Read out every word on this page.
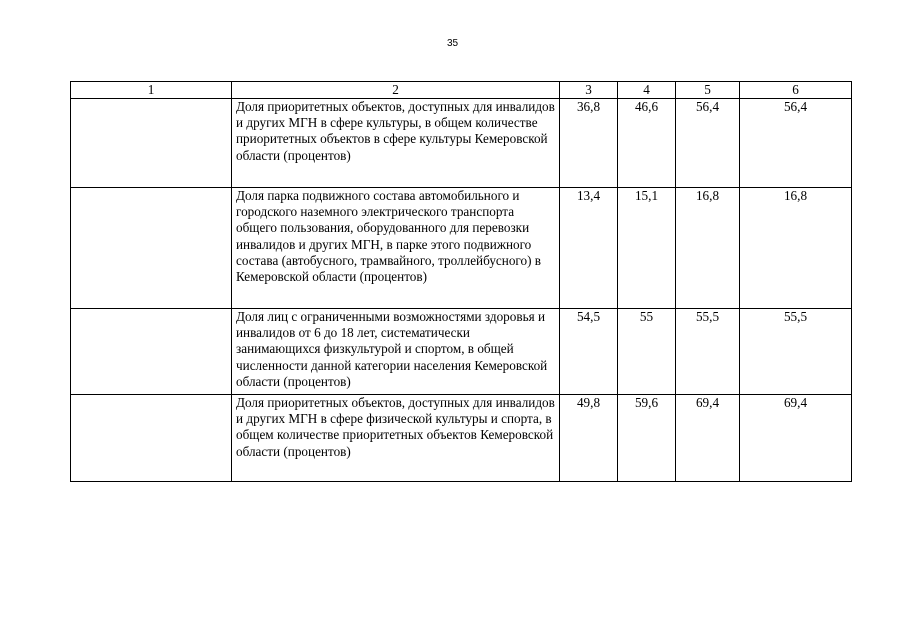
35
1	2	3	4	5	6
	Доля приоритетных объектов, доступных для инвалидов и других МГН в сфере культуры, в общем количестве приоритетных объектов в сфере культуры Кемеровской области (процентов)	36,8	46,6	56,4	56,4
	Доля парка подвижного состава автомобильного и городского наземного электрического транспорта общего пользования, оборудованного для перевозки инвалидов и других МГН, в парке этого подвижного состава (автобусного, трамвайного, троллейбусного) в Кемеровской области (процентов)	13,4	15,1	16,8	16,8
	Доля лиц с ограниченными возможностями здоровья и инвалидов от 6 до 18 лет, систематически занимающихся физкультурой и спортом, в общей численности данной категории населения Кемеровской области (процентов)	54,5	55	55,5	55,5
	Доля приоритетных объектов, доступных для инвалидов и других МГН в сфере физической культуры и спорта, в общем количестве приоритетных объектов Кемеровской области (процентов)	49,8	59,6	69,4	69,4
